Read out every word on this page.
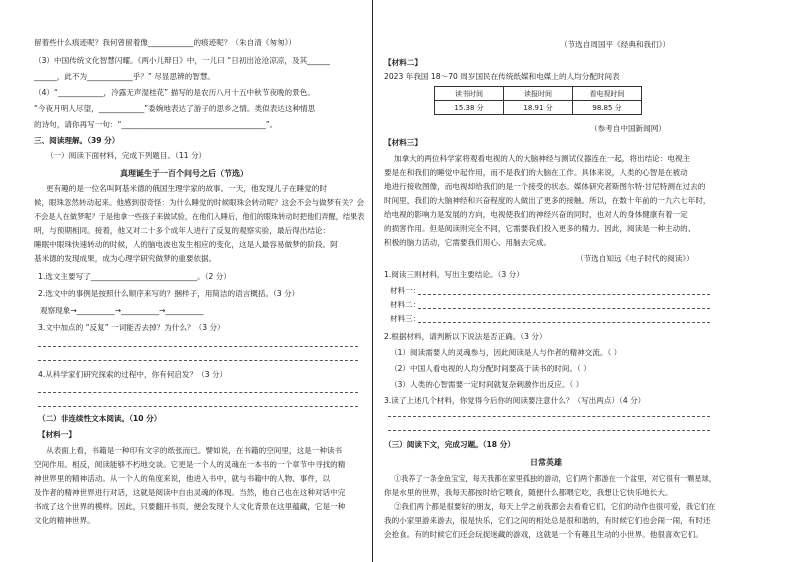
留着些什么痕迹呢？我何曾留着像____________的痕迹呢？（朱自清《匆匆》）
（3）中国传统文化智慧闪耀。《两小儿辩日》中，一儿曰 “日初出沧沧凉凉，及其______
______，此不为____________乎？” 尽显思辨的智慧。
（4）“____________，冷露无声湿桂花” 描写的是农历八月十五中秋节夜晚的景色。
“今夜月明人尽望，____________”委婉地表达了游子的思乡之情。类似表达这种情思
的诗句，请你再写一句：“______________________________________”。
三、阅读理解。（39 分）
（一）阅读下面材料，完成下列题目。（11 分）
真理诞生于一百个问号之后（节选）
更有趣的是一位名叫阿基米德的俄国生理学家的故事。一天，他发现儿子在睡觉的时
候，眼珠忽然转动起来。他感到很奇怪：为什么睡觉的时候眼珠会转动呢？这会不会与做梦有关？会
不会是人在做梦呢？于是他拿一些孩子来做试验，在他们入睡后，他们的眼珠转动时把他们弄醒，结果表
明，与预期相同。接着，他又对二十多个成年人进行了反复的观察实验，最后得出结论：
睡眠中眼珠快速转动的时候，人的脑电波也发生相应的变化，这是人最容易做梦的阶段。阿
基米德的发现成果，成为心理学研究做梦的重要依据。
1.选文主要写了____________________________。（2 分）
2.选文中的事例是按照什么顺序来写的？捆样子，用简洁的语言概括。（3 分）
观察现象→__________→__________→__________
3.文中加点的 “反复” 一词能否去掉？为什么？（3 分）
4.从科学家们研究探索的过程中，你有何启发？（3 分）
（二）非连续性文本阅读。（10 分）
【材料一】
从表面上看，书籍是一种印有文字的纸张而已。譬如说，在书籍的空间里，这是一种读书
空间作用。相反，阅读能够不朽地交谈。它更是一个人的灵魂在一本书的一个章节中寻找的精
神世界里的精神活动。从一个人的角度来说，他进入书中，就与书籍中的人物、事件，以
及作者的精神世界进行对话，这就是阅读中自由灵魂的体现。当然，他自己也在这种对话中完
书成了这个世界的模样。因此，只要翻开书页，便会发现个人文化背景在这里蕴藏，它是一种
文化的精神世界。
（节选自周国平《经典和我们》）
【材料二】
2023 年我国 18～70 周岁国民在传统纸媒和电媒上的人均分配时间表
读书时间	读报时间	看电视时间
15.38 分	18.91 分	98.85 分
（参考自中国新闻网）
【材料三】
加拿大的两位科学家将观看电视的人的大脑神经与测试仪器连在一起，将出结论：电视主
要是在和我们的睡觉中起作用，而不是我们的大脑在工作。具体来说，人类的心智是在被动
地进行接收图像，而电视却给我们的是一个接受的状态。媒体研究者斯图尔特·甘尼特测在过去的
时间里，我们的大脑神经和兴奋程度的人做出了更多的接触。所以，在数十年前的一九六七年时，
给电视的影响力是发展的方向，电视使我们的神经兴奋的同时，也对人的身体健康有着一定
的损害作用。但是阅读则完全不同，它需要我们投入更多的精力。因此，阅读是一种主动的、
积极的脑力活动，它需要我们用心、用脑去完成。
（节选自知远《电子时代的阅读》）
1.阅读三则材料，写出主要结论。（3 分）
材料一：
材料二：
材料三：
2.根据材料，请判断以下说法是否正确。（3 分）
（1）阅读需要人的灵魂参与，因此阅读是人与作者的精神交流。（ ）
（2）中国人看电视的人均分配时间要高于读书的时间。（ ）
（3）人类的心智需要一定时间就复杂刺激作出反应。（ ）
3.读了上述几个材料，你觉得今后你的阅读要注意什么？（写出两点）（4 分）
（三）阅读下文，完成习题。（18 分）
日常英雄
①我养了一条金鱼宝宝，每天我都在家里孤独的游动，它们两个都游在一个盆里，对它很有一颗星球，
你是水里的世界，我每天都按时给它喂食，随便什么都喂它吃，我想让它快乐地长大。
②我们两个都是很要好的朋友，每天上学之前我都会去看看它们，它们的动作也很可爱，我它们在
我的小家里游来游去，很是快乐，它们之间的相处总是很和谐的，有时候它们也会闹一闹，有时还
会抢食。有的时候它们还会玩捉迷藏的游戏，这就是一个有趣且生动的小世界。他很喜欢它们。
